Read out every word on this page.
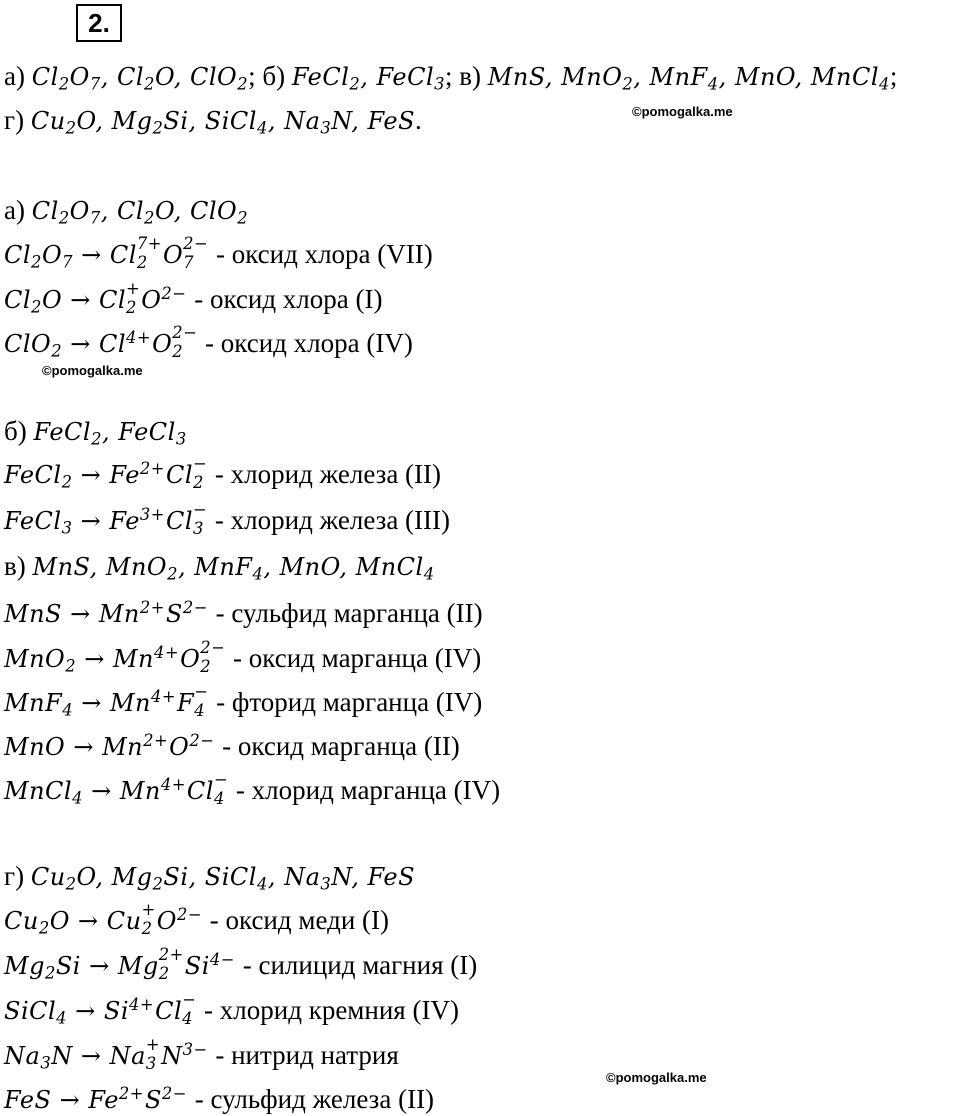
2.
а) $Cl_2O_7$, $Cl_2O$, ClO$_2$; б) FeCl$_2$, FeCl$_3$; в) MnS, MnO$_2$, MnF$_4$, MnO, MnCl$_4$;
г) $Cu_2O$, $Mg_2Si$, SiCl$_4$, $Na_3N$, FeS.	©pomogalka.me
а) $Cl_2O_7$, $Cl_2O$, ClO$_2$
$Cl_2O_7 \to Cl$ 7+
2 O 2−
7 - оксид хлора (VII)
$Cl_2O \to Cl$ +
2 $O^{2-}$ - оксид хлора (I)
$ClO_2 \to Cl^{4+}O$ 2−
2 - оксид хлора (IV)
©pomogalka.me
б) FeCl$_2$, FeCl$_3$
FeCl$_2$ → $Fe^{2+}Cl$ −
2 - хлорид железа (II)
FeCl$_3$ → $Fe^{3+}Cl$ −
3 - хлорид железа (III)
в) MnS, MnO$_2$, MnF$_4$, MnO, MnCl$_4$
MnS → $Mn^{2+}S^{2-}$ - сульфид марганца (II)
$MnO_2 \to Mn^{4+}O$ 2−
2 - оксид марганца (IV)
$MnF_4 \to Mn^{4+}F$ −
4 - фторид марганца (IV)
MnO → $Mn^{2+}O^{2-}$ - оксид марганца (II)
MnCl$_4$ → $Mn^{4+}Cl$ −
4 - хлорид марганца (IV)
г) $Cu_2O$, $Mg_2Si$, SiCl$_4$, $Na_3N$, FeS
$Cu_2O \to Cu$ +
2 $O^{2-}$ - оксид меди (I)
$Mg_2Si \to Mg$ 2+
2 $Si^{4-}$ - силицид магния (I)
SiCl$_4$ → $Si^{4+}Cl$ −
4 - хлорид кремния (IV)
$Na_3N \to Na$ +
3 $N^{3-}$ - нитрид натрия
FeS → $Fe^{2+}S^{2-}$ - сульфид железа (II)
©pomogalka.me
